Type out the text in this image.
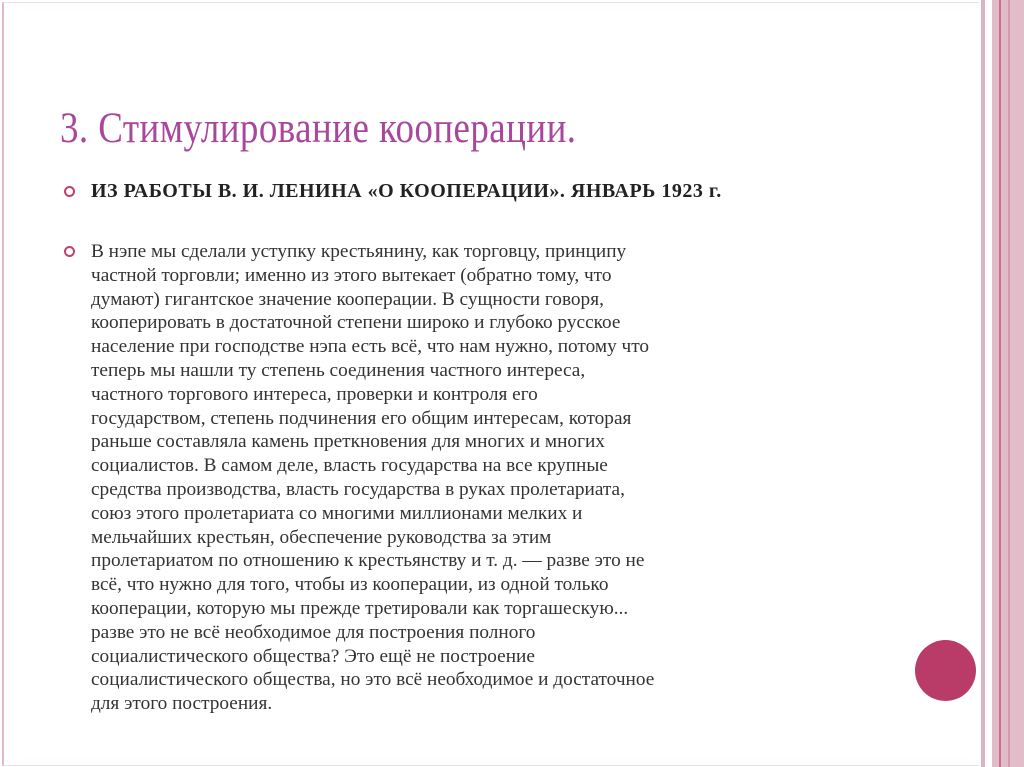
3. Стимулирование кооперации.
ИЗ РАБОТЫ В. И. ЛЕНИНА «О КООПЕРАЦИИ». ЯНВАРЬ 1923 г.
В нэпе мы сделали уступку крестьянину, как торговцу, принципу
частной торговли; именно из этого вытекает (обратно тому, что
думают) гигантское значение кооперации. В сущности говоря,
кооперировать в достаточной степени широко и глубоко русское
население при господстве нэпа есть всё, что нам нужно, потому что
теперь мы нашли ту степень соединения частного интереса,
частного торгового интереса, проверки и контроля его
государством, степень подчинения его общим интересам, которая
раньше составляла камень преткновения для многих и многих
социалистов. В самом деле, власть государства на все крупные
средства производства, власть государства в руках пролетариата,
союз этого пролетариата со многими миллионами мелких и
мельчайших крестьян, обеспечение руководства за этим
пролетариатом по отношению к крестьянству и т. д. — разве это не
всё, что нужно для того, чтобы из кооперации, из одной только
кооперации, которую мы прежде третировали как торгашескую...
разве это не всё необходимое для построения полного
социалистического общества? Это ещё не построение
социалистического общества, но это всё необходимое и достаточное
для этого построения.
